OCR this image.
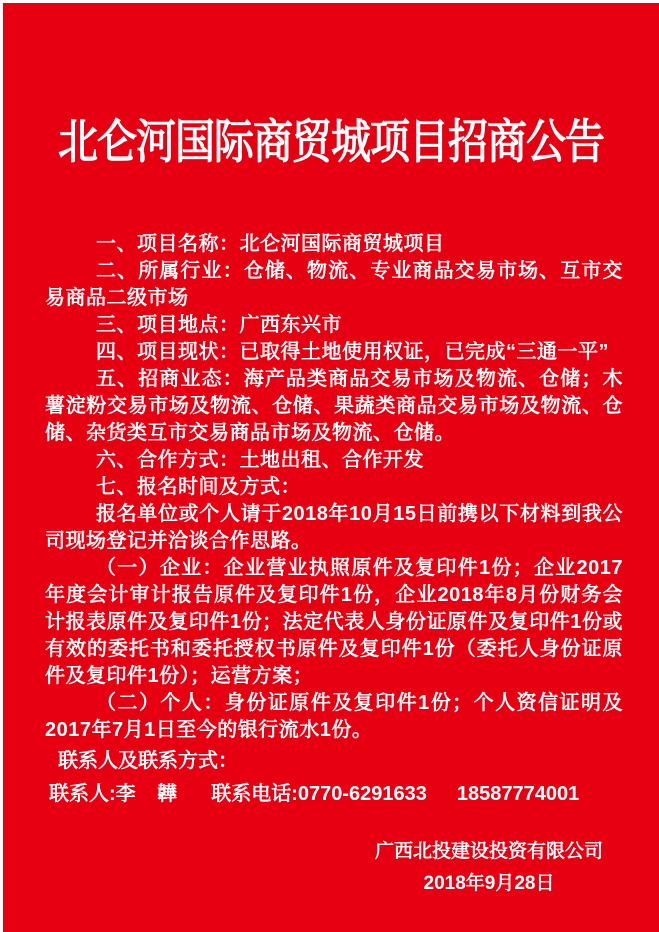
北仑河国际商贸城项目招商公告

一、项目名称：北仑河国际商贸城项目

二、所属行业：仓储、物流、专业商品交易市场、互市交易商品二级市场

三、项目地点：广西东兴市

四、项目现状：已取得土地使用权证，已完成“三通一平”

五、招商业态：海产品类商品交易市场及物流、仓储；木薯淀粉交易市场及物流、仓储、果蔬类商品交易市场及物流、仓储、杂货类互市交易商品市场及物流、仓储。

六、合作方式：土地出租、合作开发

七、报名时间及方式：

报名单位或个人请于2018年10月15日前携以下材料到我公司现场登记并洽谈合作思路。

（一）企业：企业营业执照原件及复印件1份；企业2017年度会计审计报告原件及复印件1份，企业2018年8月份财务会计报表原件及复印件1份；法定代表人身份证原件及复印件1份或有效的委托书和委托授权书原件及复印件1份（委托人身份证原件及复印件1份）；运营方案；

（二）个人：身份证原件及复印件1份；个人资信证明及2017年7月1日至今的银行流水1份。

联系人及联系方式：
联系人:李 韡 联系电话: 0770-6291633 18587774001
广西北投建设投资有限公司
2018年9月28日
